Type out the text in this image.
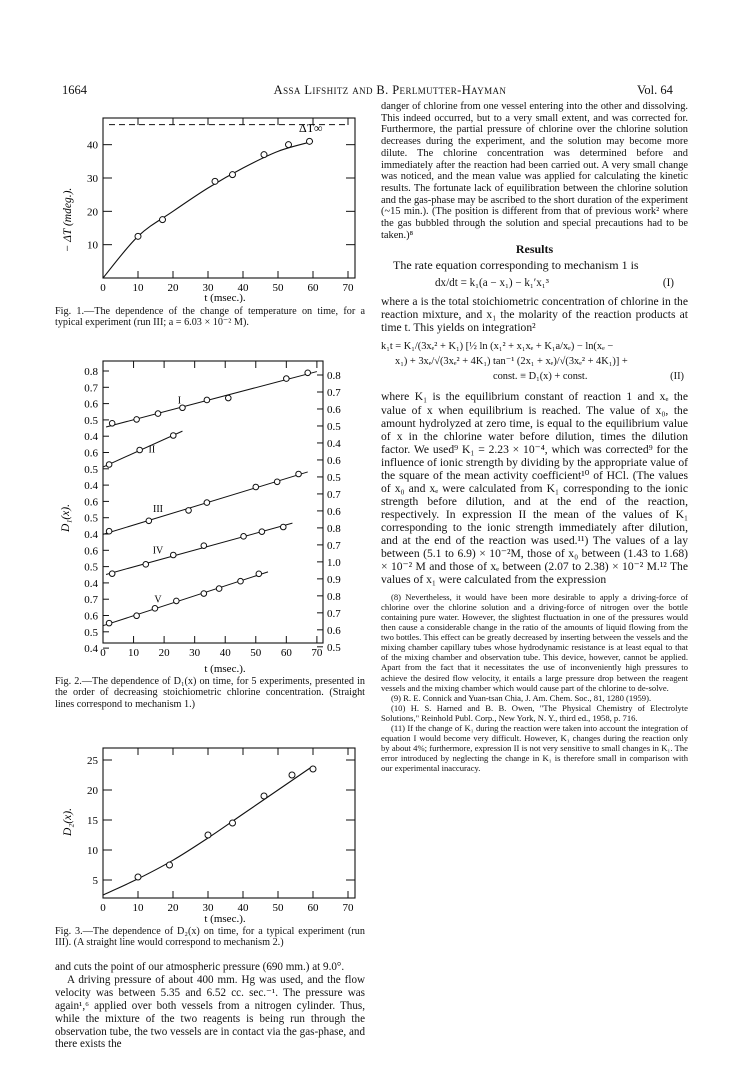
1664	Assa Lifshitz and B. Perlmutter-Hayman	Vol. 64
0 10 20 30 40 50 60 70
10
20
30
40
− ΔT (mdeg.).
t (msec.).
ΔT∞
Fig. 1.—The dependence of the change of temperature on time, for a typical experiment (run III; a = 6.03 × 10⁻² M).
0 10 20 30 40 50 60 70
0.8
0.7
0.6
0.5
0.4
0.6
0.5
0.4
0.6
0.5
0.4
0.6
0.5
0.4
0.7
0.6
0.5
0.4
0.8
0.7
0.6
0.5
0.4
0.6
0.5
0.7
0.6
0.8
0.7
1.0
0.9
0.8
0.7
0.6
0.5
I
II
III
IV
V
D₁(x).
t (msec.).
Fig. 2.—The dependence of D₁(x) on time, for 5 experiments, presented in the order of decreasing stoichiometric chlorine concentration. (Straight lines correspond to mechanism 1.)
0 10 20 30 40 50 60 70
5
10
15
20
25
D₂(x).
t (msec.).
Fig. 3.—The dependence of D₂(x) on time, for a typical experiment (run III). (A straight line would correspond to mechanism 2.)

and cuts the point of our atmospheric pressure (690 mm.) at 9.0°.

A driving pressure of about 400 mm. Hg was used, and the flow velocity was between 5.35 and 6.52 cc. sec.⁻¹. The pressure was again¹,⁶ applied over both vessels from a nitrogen cylinder. Thus, while the mixture of the two reagents is being run through the observation tube, the two vessels are in contact via the gas-phase, and there exists the

danger of chlorine from one vessel entering into the other and dissolving. This indeed occurred, but to a very small extent, and was corrected for. Furthermore, the partial pressure of chlorine over the chlorine solution decreases during the experiment, and the solution may become more dilute. The chlorine concentration was determined before and immediately after the reaction had been carried out. A very small change was noticed, and the mean value was applied for calculating the kinetic results. The fortunate lack of equilibration between the chlorine solution and the gas-phase may be ascribed to the short duration of the experiment (~15 min.). (The position is different from that of previous work² where the gas bubbled through the solution and special precautions had to be taken.)⁸

Results

The rate equation corresponding to mechanism 1 is

dx/dt = k₁(a − x₁) − k₁′x₁³	(I)

where a is the total stoichiometric concentration of chlorine in the reaction mixture, and x₁ the molarity of the reaction products at time t. This yields on integration²

k₁t = K₁/(3xₑ² + K₁) [½ ln (x₁² + x₁xₑ + K₁a/xₑ) − ln(xₑ −
x₁) + 3xₑ/√(3xₑ² + 4K₁) tan⁻¹ (2x₁ + xₑ)/√(3xₑ² + 4K₁)] +
const. ≡ D₁(x) + const.	(II)

where K₁ is the equilibrium constant of reaction 1 and xₑ the value of x when equilibrium is reached. The value of x₀, the amount hydrolyzed at zero time, is equal to the equilibrium value of x in the chlorine water before dilution, times the dilution factor. We used⁹ K₁ = 2.23 × 10⁻⁴, which was corrected⁹ for the influence of ionic strength by dividing by the appropriate value of the square of the mean activity coefficient¹⁰ of HCl. (The values of x₀ and xₑ were calculated from K₁ corresponding to the ionic strength before dilution, and at the end of the reaction, respectively. In expression II the mean of the values of K₁ corresponding to the ionic strength immediately after dilution, and at the end of the reaction was used.¹¹) The values of a lay between (5.1 to 6.9) × 10⁻²M, those of x₀ between (1.43 to 1.68) × 10⁻² M and those of xₑ between (2.07 to 2.38) × 10⁻² M.¹² The values of x₁ were calculated from the expression

(8) Nevertheless, it would have been more desirable to apply a driving-force of chlorine over the chlorine solution and a driving-force of nitrogen over the bottle containing pure water. However, the slightest fluctuation in one of the pressures would then cause a considerable change in the ratio of the amounts of liquid flowing from the two bottles. This effect can be greatly decreased by inserting between the vessels and the mixing chamber capillary tubes whose hydrodynamic resistance is at least equal to that of the mixing chamber and observation tube. This device, however, cannot be applied. Apart from the fact that it necessitates the use of inconveniently high pressures to achieve the desired flow velocity, it entails a large pressure drop between the reagent vessels and the mixing chamber which would cause part of the chlorine to de-solve.

(9) R. E. Connick and Yuan-tsan Chia, J. Am. Chem. Soc., 81, 1280 (1959).

(10) H. S. Harned and B. B. Owen, "The Physical Chemistry of Electrolyte Solutions," Reinhold Publ. Corp., New York, N. Y., third ed., 1958, p. 716.

(11) If the change of K₁ during the reaction were taken into account the integration of equation I would become very difficult. However, K₁ changes during the reaction only by about 4%; furthermore, expression II is not very sensitive to small changes in K₁. The error introduced by neglecting the change in K₁ is therefore small in comparison with our experimental inaccuracy.
